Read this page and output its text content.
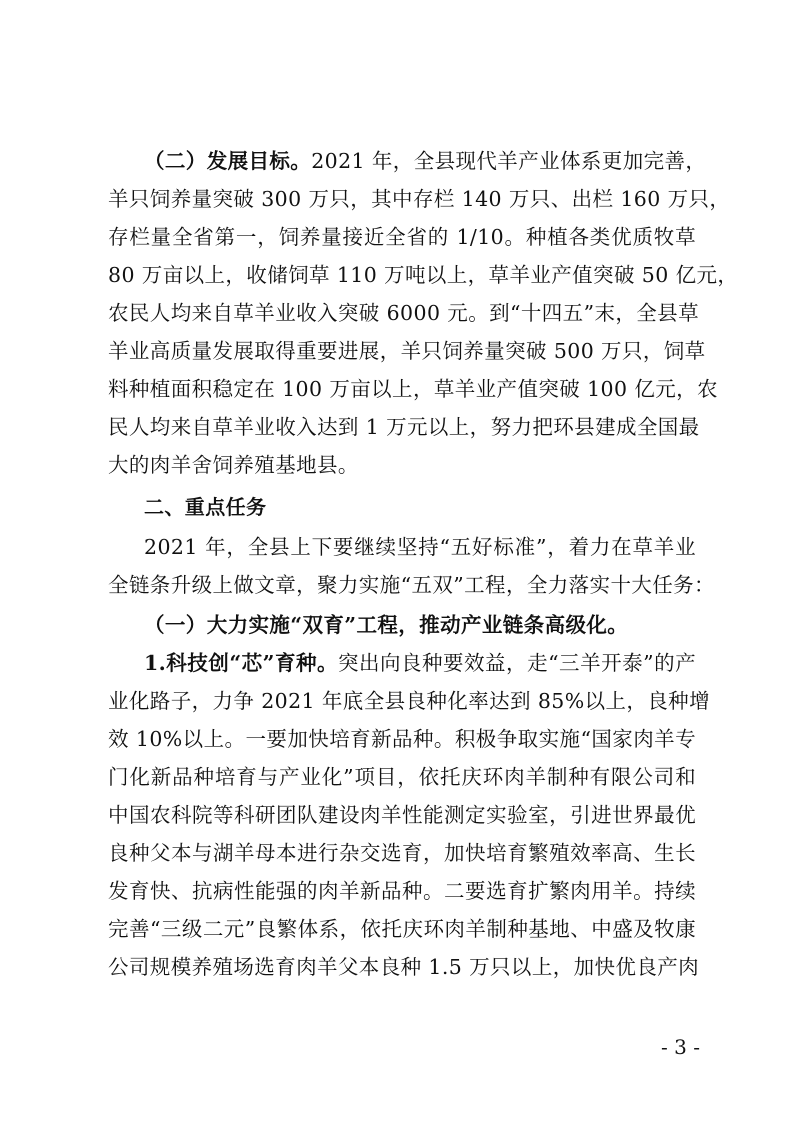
（二）发展目标。2021 年，全县现代羊产业体系更加完善，
羊只饲养量突破 300 万只，其中存栏 140 万只、出栏 160 万只，
存栏量全省第一，饲养量接近全省的 1/10。种植各类优质牧草
80 万亩以上，收储饲草 110 万吨以上，草羊业产值突破 50 亿元，
农民人均来自草羊业收入突破 6000 元。到“十四五”末，全县草
羊业高质量发展取得重要进展，羊只饲养量突破 500 万只，饲草
料种植面积稳定在 100 万亩以上，草羊业产值突破 100 亿元，农
民人均来自草羊业收入达到 1 万元以上，努力把环县建成全国最
大的肉羊舍饲养殖基地县。
二、重点任务
2021 年，全县上下要继续坚持“五好标准”，着力在草羊业
全链条升级上做文章，聚力实施“五双”工程，全力落实十大任务：
（一）大力实施“双育”工程，推动产业链条高级化。
1.科技创“芯”育种。突出向良种要效益，走“三羊开泰”的产
业化路子，力争 2021 年底全县良种化率达到 85%以上，良种增
效 10%以上。一要加快培育新品种。积极争取实施“国家肉羊专
门化新品种培育与产业化”项目，依托庆环肉羊制种有限公司和
中国农科院等科研团队建设肉羊性能测定实验室，引进世界最优
良种父本与湖羊母本进行杂交选育，加快培育繁殖效率高、生长
发育快、抗病性能强的肉羊新品种。二要选育扩繁肉用羊。持续
完善“三级二元”良繁体系，依托庆环肉羊制种基地、中盛及牧康
公司规模养殖场选育肉羊父本良种 1.5 万只以上，加快优良产肉
- 3 -
